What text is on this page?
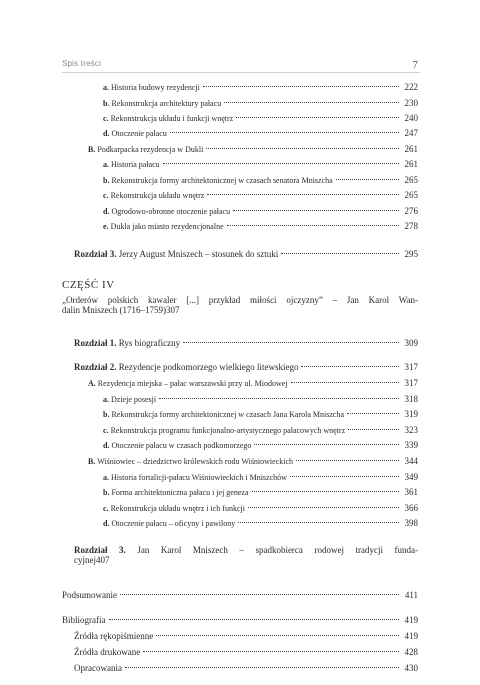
Spis treści	7
a. Historia budowy rezydencji	222
b. Rekonstrukcja architektury pałacu	230
c. Rekonstrukcja układu i funkcji wnętrz	240
d. Otoczenie pałacu	247
B. Podkarpacka rezydencja w Dukli	261
a. Historia pałacu	261
b. Rekonstrukcja formy architektonicznej w czasach senatora Mniszcha	265
c. Rekonstrukcja układu wnętrz	265
d. Ogrodowo-obronne otoczenie pałacu	276
e. Dukla jako miasto rezydencjonalne	278
Rozdział 3. Jerzy August Mniszech – stosunek do sztuki	295
CZĘŚĆ IV
„Orderów polskich kawaler [...] przykład miłości ojczyzny” – Jan Karol Wan-
dalin Mniszech (1716–1759) 307
Rozdział 1. Rys biograficzny	309
Rozdział 2. Rezydencje podkomorzego wielkiego litewskiego	317
A. Rezydencja miejska – pałac warszawski przy ul. Miodowej	317
a. Dzieje posesji	318
b. Rekonstrukcja formy architektonicznej w czasach Jana Karola Mniszcha	319
c. Rekonstrukcja programu funkcjonalno-artystycznego pałacowych wnętrz	323
d. Otoczenie pałacu w czasach podkomorzego	339
B. Wiśniowiec – dziedzictwo królewskich rodu Wiśniowieckich	344
a. Historia fortalicji-pałacu Wiśniowieckich i Mniszchów	349
b. Forma architektoniczna pałacu i jej geneza	361
c. Rekonstrukcja układu wnętrz i ich funkcji	366
d. Otoczenie pałacu – oficyny i pawilony	398
Rozdział 3. Jan Karol Mniszech – spadkobierca rodowej tradycji funda-
cyjnej 407
Podsumowanie	411
Bibliografia	419
Źródła rękopiśmienne	419
Źródła drukowane	428
Opracowania	430
